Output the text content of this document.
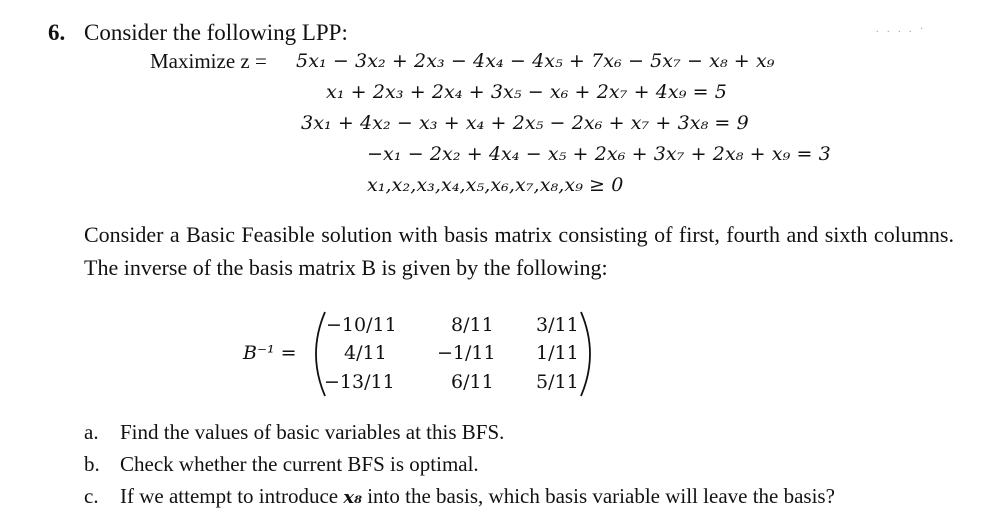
6. Consider the following LPP:	. . . . ·
Maximize z = 5x₁ − 3x₂ + 2x₃ − 4x₄ − 4x₅ + 7x₆ − 5x₇ − x₈ + x₉
x₁ + 2x₃ + 2x₄ + 3x₅ − x₆ + 2x₇ + 4x₉ = 5
3x₁ + 4x₂ − x₃ + x₄ + 2x₅ − 2x₆ + x₇ + 3x₈ = 9
−x₁ − 2x₂ + 4x₄ − x₅ + 2x₆ + 3x₇ + 2x₈ + x₉ = 3
x₁,x₂,x₃,x₄,x₅,x₆,x₇,x₈,x₉ ≥ 0
Consider a Basic Feasible solution with basis matrix consisting of first, fourth and sixth columns. The inverse of the basis matrix B is given by the following:
B⁻¹ =
−10/11	8/11 3/11
4/11	−1/11 1/11
−13/11	6/11 5/11
a. Find the values of basic variables at this BFS.
b. Check whether the current BFS is optimal.
c. If we attempt to introduce x₈ into the basis, which basis variable will leave the basis?
